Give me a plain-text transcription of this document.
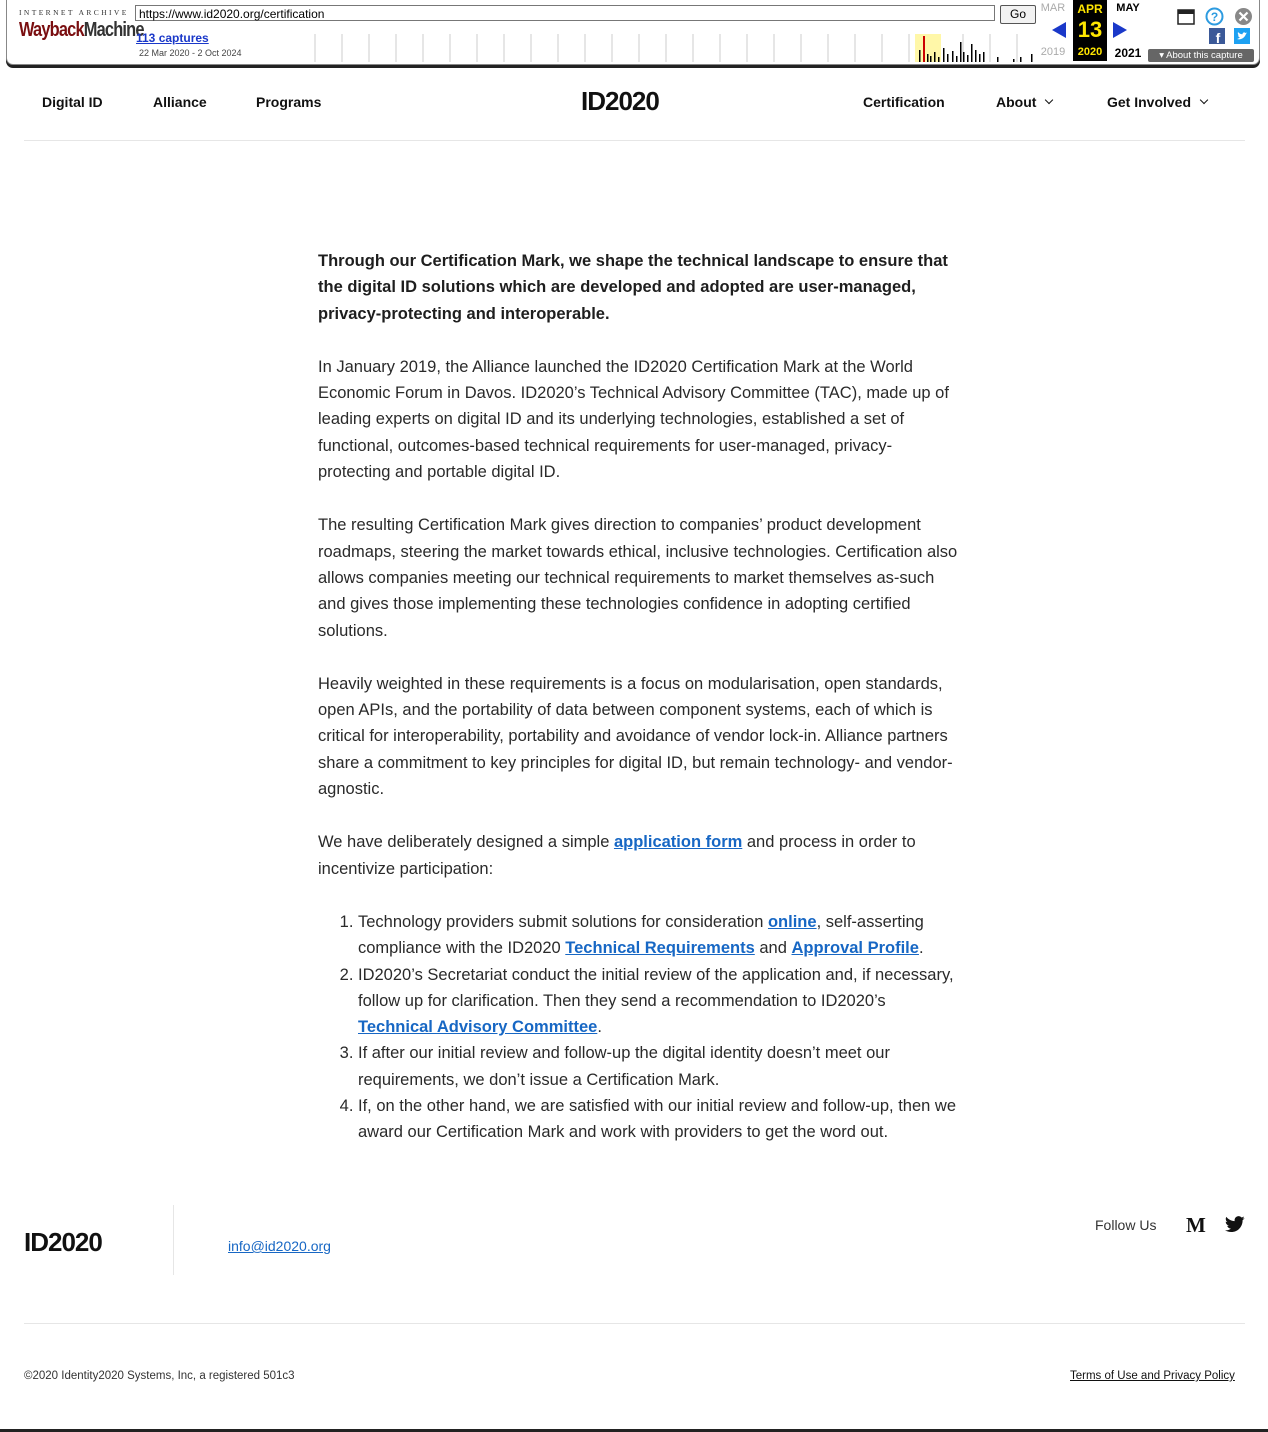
INTERNET ARCHIVE
WaybackMachine
https://www.id2020.org/certification	Go
113 captures
22 Mar 2020 - 2 Oct 2024
MAR	APR
13
2020
MAY
2019	2021
?
f
▾ About this capture
Digital ID	Alliance	Programs	ID2020	Certification	About	Get Involved

Through our Certification Mark, we shape the technical landscape to ensure that the digital ID solutions which are developed and adopted are user-managed, privacy-protecting and interoperable.

In January 2019, the Alliance launched the ID2020 Certification Mark at the World Economic Forum in Davos. ID2020’s Technical Advisory Committee (TAC), made up of leading experts on digital ID and its underlying technologies, established a set of functional, outcomes-based technical requirements for user-managed, privacy-protecting and portable digital ID.

The resulting Certification Mark gives direction to companies’ product development roadmaps, steering the market towards ethical, inclusive technologies. Certification also allows companies meeting our technical requirements to market themselves as-such and gives those implementing these technologies confidence in adopting certified solutions.

Heavily weighted in these requirements is a focus on modularisation, open standards, open APIs, and the portability of data between component systems, each of which is critical for interoperability, portability and avoidance of vendor lock-in. Alliance partners share a commitment to key principles for digital ID, but remain technology- and vendor-agnostic.

We have deliberately designed a simple application form and process in order to incentivize participation:

1. Technology providers submit solutions for consideration online, self-asserting compliance with the ID2020 Technical Requirements and Approval Profile.
2. ID2020’s Secretariat conduct the initial review of the application and, if necessary, follow up for clarification. Then they send a recommendation to ID2020’s Technical Advisory Committee.
3. If after our initial review and follow-up the digital identity doesn’t meet our requirements, we don’t issue a Certification Mark.
4. If, on the other hand, we are satisfied with our initial review and follow-up, then we award our Certification Mark and work with providers to get the word out.
ID2020	info@id2020.org
Follow Us M
©2020 Identity2020 Systems, Inc, a registered 501c3	Terms of Use and Privacy Policy
